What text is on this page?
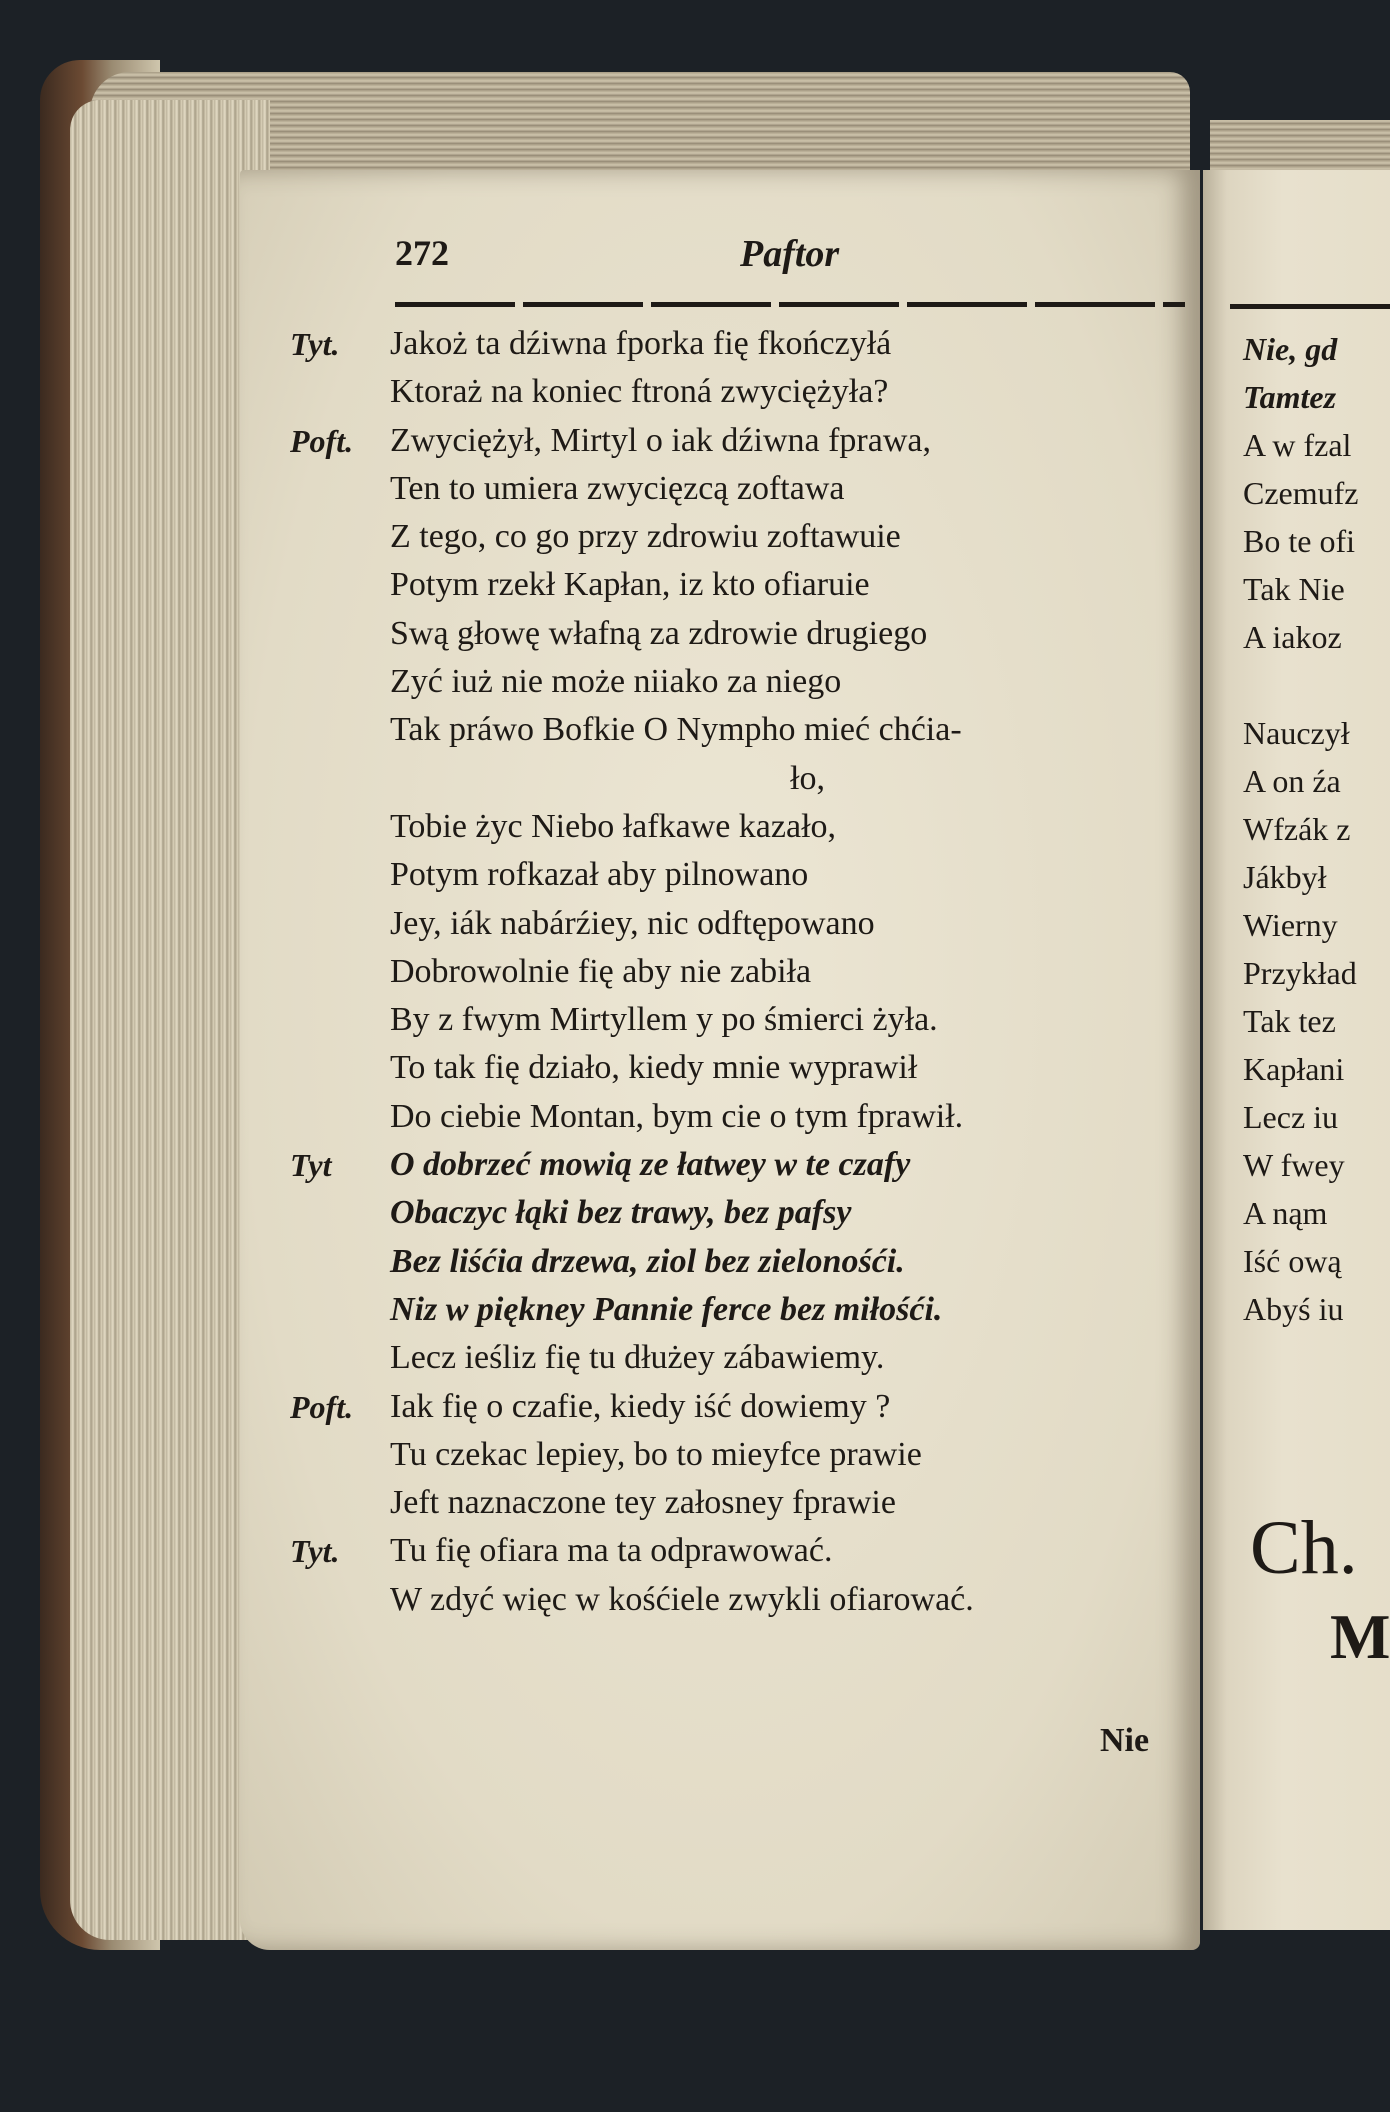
272	Paftor
Tyt. Jakoż ta dźiwna fporka fię fkończyłá
Ktoraż na koniec ftroná zwyciężyła?
Poft. Zwyciężył, Mirtyl o iak dźiwna fprawa,
Ten to umiera zwycięzcą zoftawa
Z tego, co go przy zdrowiu zoftawuie
Potym rzekł Kapłan, iz kto ofiaruie
Swą głowę włafną za zdrowie drugiego
Zyć iuż nie może niiako za niego
Tak práwo Bofkie O Nympho mieć chćia-
ło,
Tobie życ Niebo łafkawe kazało,
Potym rofkazał aby pilnowano
Jey, iák nabárźiey, nic odftępowano
Dobrowolnie fię aby nie zabiła
By z fwym Mirtyllem y po śmierci żyła.
To tak fię działo, kiedy mnie wyprawił
Do ciebie Montan, bym cie o tym fprawił.
Tyt O dobrzeć mowią ze łatwey w te czafy
Obaczyc łąki bez trawy, bez pafsy
Bez liśćia drzewa, ziol bez zielonośći.
Niz w piękney Pannie ferce bez miłośći.
Lecz ieśliz fię tu dłużey zábawiemy.
Poft. Iak fię o czafie, kiedy iść dowiemy ?
Tu czekac lepiey, bo to mieyfce prawie
Jeft naznaczone tey załosney fprawie
Tyt. Tu fię ofiara ma ta odprawować.
W zdyć więc w kośćiele zwykli ofiarować.
Nie
Nie, gd
Tamtez
A w fzal
Czemufz
Bo te ofi
Tak Nie
A iakoz
Nauczył
A on źa
Wfzák z
Jákbył
Wierny
Przykład
Tak tez
Kapłani
Lecz iu
W fwey
A nąm
Iść ową
Abyś iu
Ch.
M
